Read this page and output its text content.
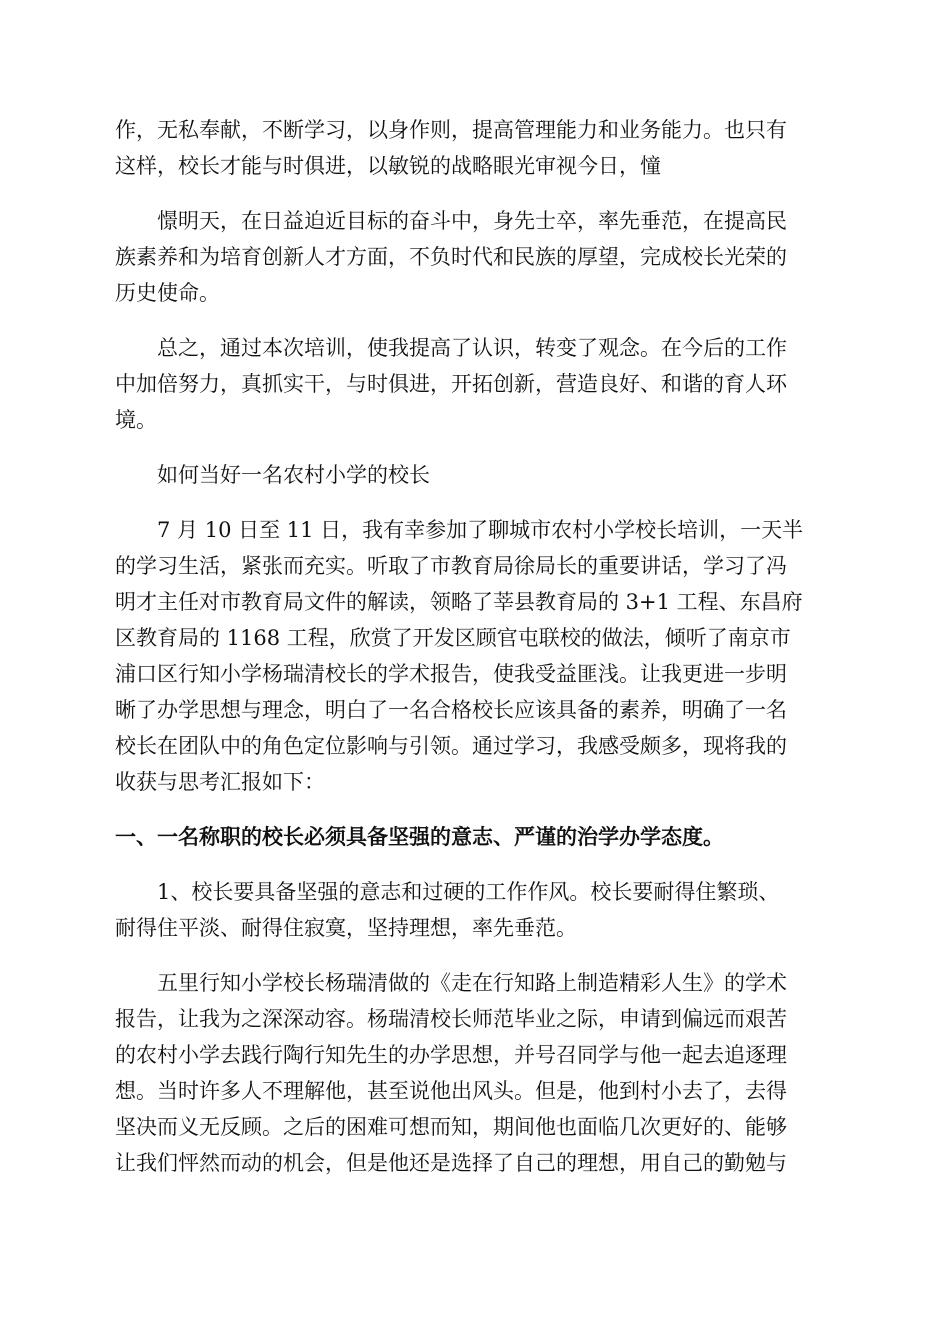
作，无私奉献，不断学习，以身作则，提高管理能力和业务能力。也只有
这样，校长才能与时俱进，以敏锐的战略眼光审视今日，憧

憬明天，在日益迫近目标的奋斗中，身先士卒，率先垂范，在提高民
族素养和为培育创新人才方面，不负时代和民族的厚望，完成校长光荣的
历史使命。

总之，通过本次培训，使我提高了认识，转变了观念。在今后的工作
中加倍努力，真抓实干，与时俱进，开拓创新，营造良好、和谐的育人环
境。

如何当好一名农村小学的校长

7 月 10 日至 11 日，我有幸参加了聊城市农村小学校长培训，一天半
的学习生活，紧张而充实。听取了市教育局徐局长的重要讲话，学习了冯
明才主任对市教育局文件的解读，领略了莘县教育局的 3+1 工程、东昌府
区教育局的 1168 工程，欣赏了开发区顾官屯联校的做法，倾听了南京市
浦口区行知小学杨瑞清校长的学术报告，使我受益匪浅。让我更进一步明
晰了办学思想与理念，明白了一名合格校长应该具备的素养，明确了一名
校长在团队中的角色定位影响与引领。通过学习，我感受颇多，现将我的
收获与思考汇报如下：

一、一名称职的校长必须具备坚强的意志、严谨的治学办学态度。

1、校长要具备坚强的意志和过硬的工作作风。校长要耐得住繁琐、
耐得住平淡、耐得住寂寞，坚持理想，率先垂范。

五里行知小学校长杨瑞清做的《走在行知路上制造精彩人生》的学术
报告，让我为之深深动容。杨瑞清校长师范毕业之际，申请到偏远而艰苦
的农村小学去践行陶行知先生的办学思想，并号召同学与他一起去追逐理
想。当时许多人不理解他，甚至说他出风头。但是，他到村小去了，去得
坚决而义无反顾。之后的困难可想而知，期间他也面临几次更好的、能够
让我们怦然而动的机会，但是他还是选择了自己的理想，用自己的勤勉与
